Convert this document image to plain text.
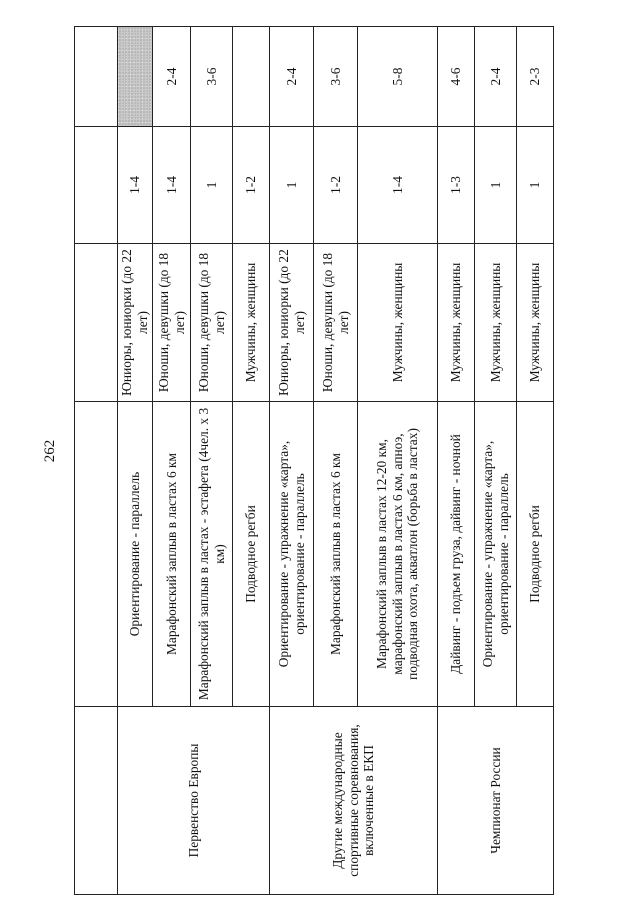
262

Первенство Европы	Ориентирование - параллель	Юниоры, юниорки (до 22 лет)	1-4	
	Марафонский заплыв в ластах 6 км	Юноши, девушки (до 18 лет)	1-4	2-4
	Марафонский заплыв в ластах - эстафета (4чел. х 3 км)	Юноши, девушки (до 18 лет)	1	3-6
	Подводное регби	Мужчины, женщины	1-2	
Другие международные спортивные соревнования, включенные в ЕКП	Ориентирование - упражнение «карта», ориентирование - параллель	Юниоры, юниорки (до 22 лет)	1	2-4
	Марафонский заплыв в ластах 6 км	Юноши, девушки (до 18 лет)	1-2	3-6
	Марафонский заплыв в ластах 12-20 км, марафонский заплыв в ластах 6 км, апноэ, подводная охота, акватлон (борьба в ластах)	Мужчины, женщины	1-4	5-8
Чемпионат России	Дайвинг - подъем груза, дайвинг - ночной	Мужчины, женщины	1-3	4-6
	Ориентирование - упражнение «карта», ориентирование - параллель	Мужчины, женщины	1	2-4
	Подводное регби	Мужчины, женщины	1	2-3
